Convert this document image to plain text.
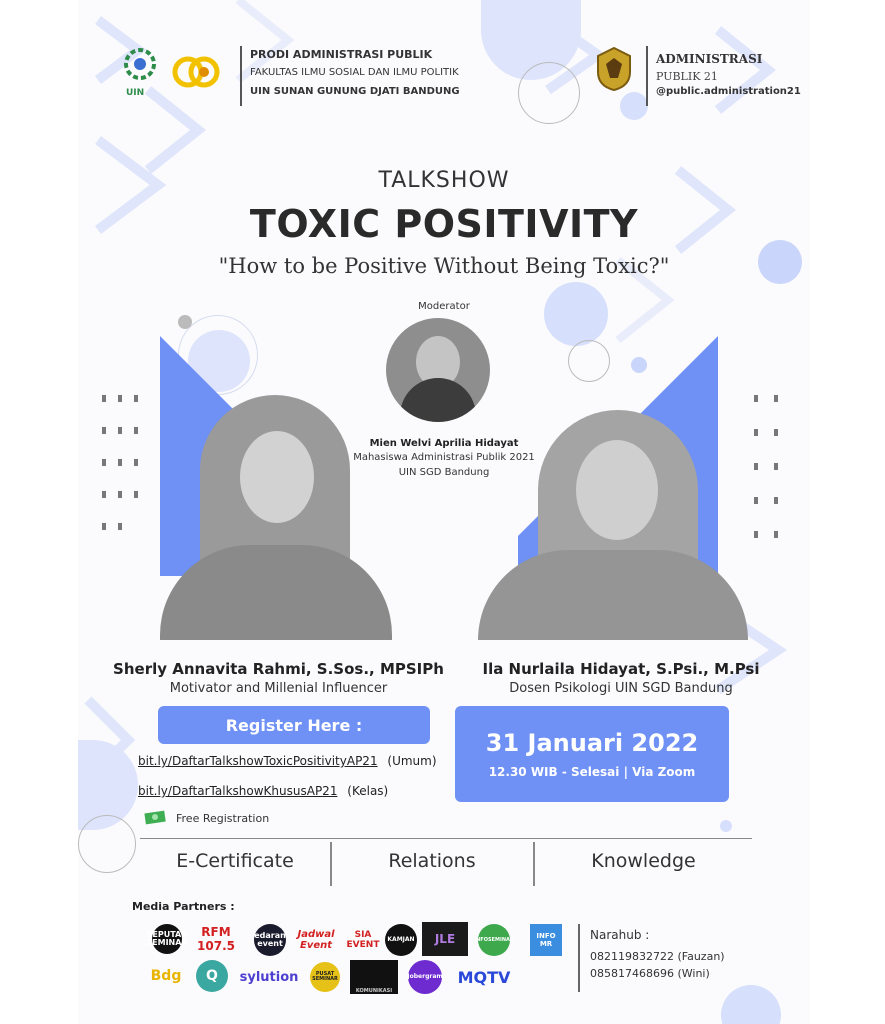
UIN
PRODI ADMINISTRASI PUBLIK
FAKULTAS ILMU SOSIAL DAN ILMU POLITIK
UIN SUNAN GUNUNG DJATI BANDUNG
ADMINISTRASI
PUBLIK 21
@public.administration21
TALKSHOW
TOXIC POSITIVITY
"How to be Positive Without Being Toxic?"
Moderator
Mien Welvi Aprilia Hidayat
Mahasiswa Administrasi Publik 2021
UIN SGD Bandung
Sherly Annavita Rahmi, S.Sos., MPSIPh
Motivator and Millenial Influencer
Ila Nurlaila Hidayat, S.Psi., M.Psi
Dosen Psikologi UIN SGD Bandung
Register Here :
bit.ly/DaftarTalkshowToxicPositivityAP21 (Umum)
bit.ly/DaftarTalkshowKhususAP21 (Kelas)
Free Registration
31 Januari 2022
12.30 WIB - Selesai | Via Zoom
E-Certificate	Relations	Knowledge
Media Partners :
SEPUTAR SEMINAR
RFM 107.5
edaran event
Jadwal Event
SIA EVENT
KAMJAN	JLE	INFOSEMINAR	INFO MR
Bdg	Q	sylution	PUSAT SEMINAR
KOMUNIKASI
Jobergram MQTV
Narahub :
082119832722 (Fauzan)
085817468696 (Wini)
